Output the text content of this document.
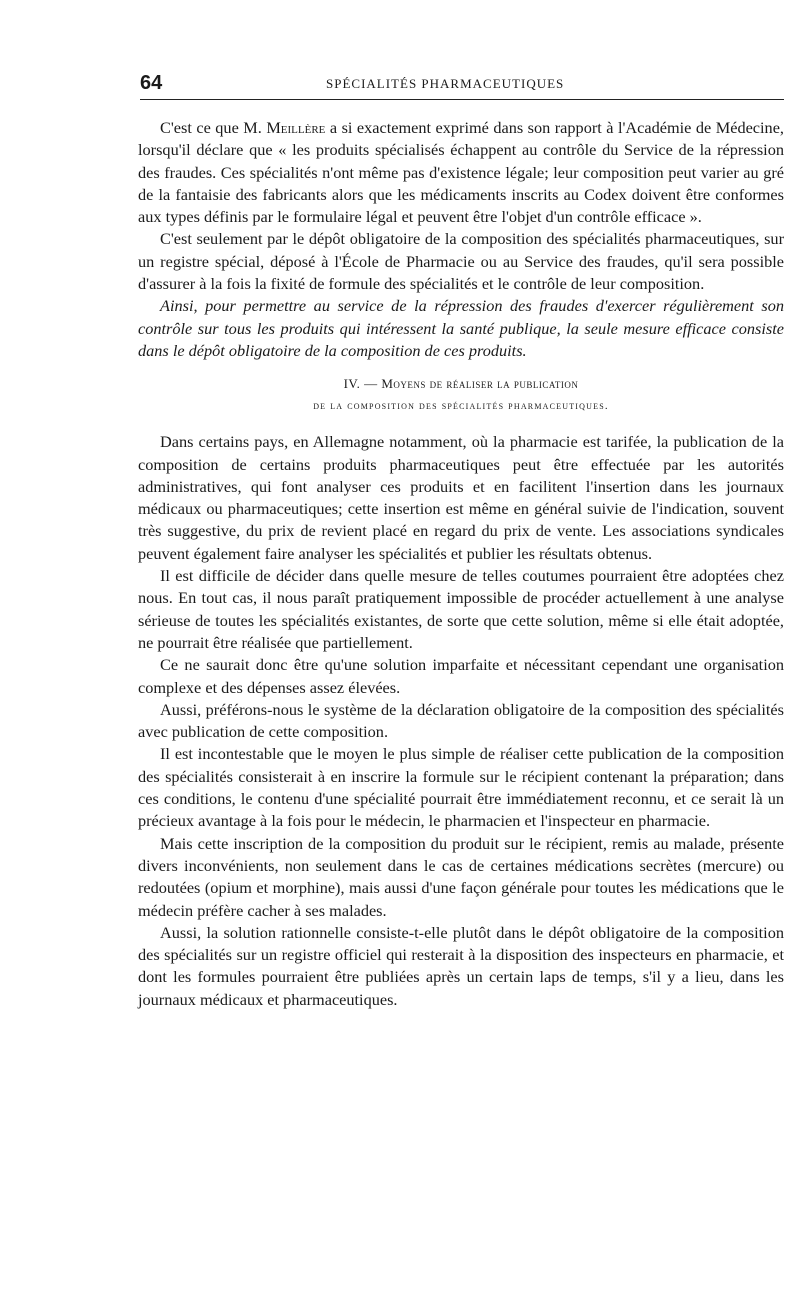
64	SPÉCIALITÉS PHARMACEUTIQUES

C'est ce que M. Meillère a si exactement exprimé dans son rapport à l'Académie de Médecine, lorsqu'il déclare que « les produits spécialisés échappent au contrôle du Service de la répression des fraudes. Ces spécialités n'ont même pas d'existence légale; leur composition peut varier au gré de la fantaisie des fabricants alors que les médicaments inscrits au Codex doivent être conformes aux types définis par le formulaire légal et peuvent être l'objet d'un contrôle efficace ».

C'est seulement par le dépôt obligatoire de la composition des spécialités pharmaceutiques, sur un registre spécial, déposé à l'École de Pharmacie ou au Service des fraudes, qu'il sera possible d'assurer à la fois la fixité de formule des spécialités et le contrôle de leur composition.

Ainsi, pour permettre au service de la répression des fraudes d'exercer régulièrement son contrôle sur tous les produits qui intéressent la santé publique, la seule mesure efficace consiste dans le dépôt obligatoire de la composition de ces produits.

IV. — Moyens de réaliser la publication
de la composition des spécialités pharmaceutiques.

Dans certains pays, en Allemagne notamment, où la pharmacie est tarifée, la publication de la composition de certains produits pharmaceutiques peut être effectuée par les autorités administratives, qui font analyser ces produits et en facilitent l'insertion dans les journaux médicaux ou pharmaceutiques; cette insertion est même en général suivie de l'indication, souvent très suggestive, du prix de revient placé en regard du prix de vente. Les associations syndicales peuvent également faire analyser les spécialités et publier les résultats obtenus.

Il est difficile de décider dans quelle mesure de telles coutumes pourraient être adoptées chez nous. En tout cas, il nous paraît pratiquement impossible de procéder actuellement à une analyse sérieuse de toutes les spécialités existantes, de sorte que cette solution, même si elle était adoptée, ne pourrait être réalisée que partiellement.

Ce ne saurait donc être qu'une solution imparfaite et nécessitant cependant une organisation complexe et des dépenses assez élevées.

Aussi, préférons-nous le système de la déclaration obligatoire de la composition des spécialités avec publication de cette composition.

Il est incontestable que le moyen le plus simple de réaliser cette publication de la composition des spécialités consisterait à en inscrire la formule sur le récipient contenant la préparation; dans ces conditions, le contenu d'une spécialité pourrait être immédiatement reconnu, et ce serait là un précieux avantage à la fois pour le médecin, le pharmacien et l'inspecteur en pharmacie.

Mais cette inscription de la composition du produit sur le récipient, remis au malade, présente divers inconvénients, non seulement dans le cas de certaines médications secrètes (mercure) ou redoutées (opium et morphine), mais aussi d'une façon générale pour toutes les médications que le médecin préfère cacher à ses malades.

Aussi, la solution rationnelle consiste-t-elle plutôt dans le dépôt obligatoire de la composition des spécialités sur un registre officiel qui resterait à la disposition des inspecteurs en pharmacie, et dont les formules pourraient être publiées après un certain laps de temps, s'il y a lieu, dans les journaux médicaux et pharmaceutiques.
